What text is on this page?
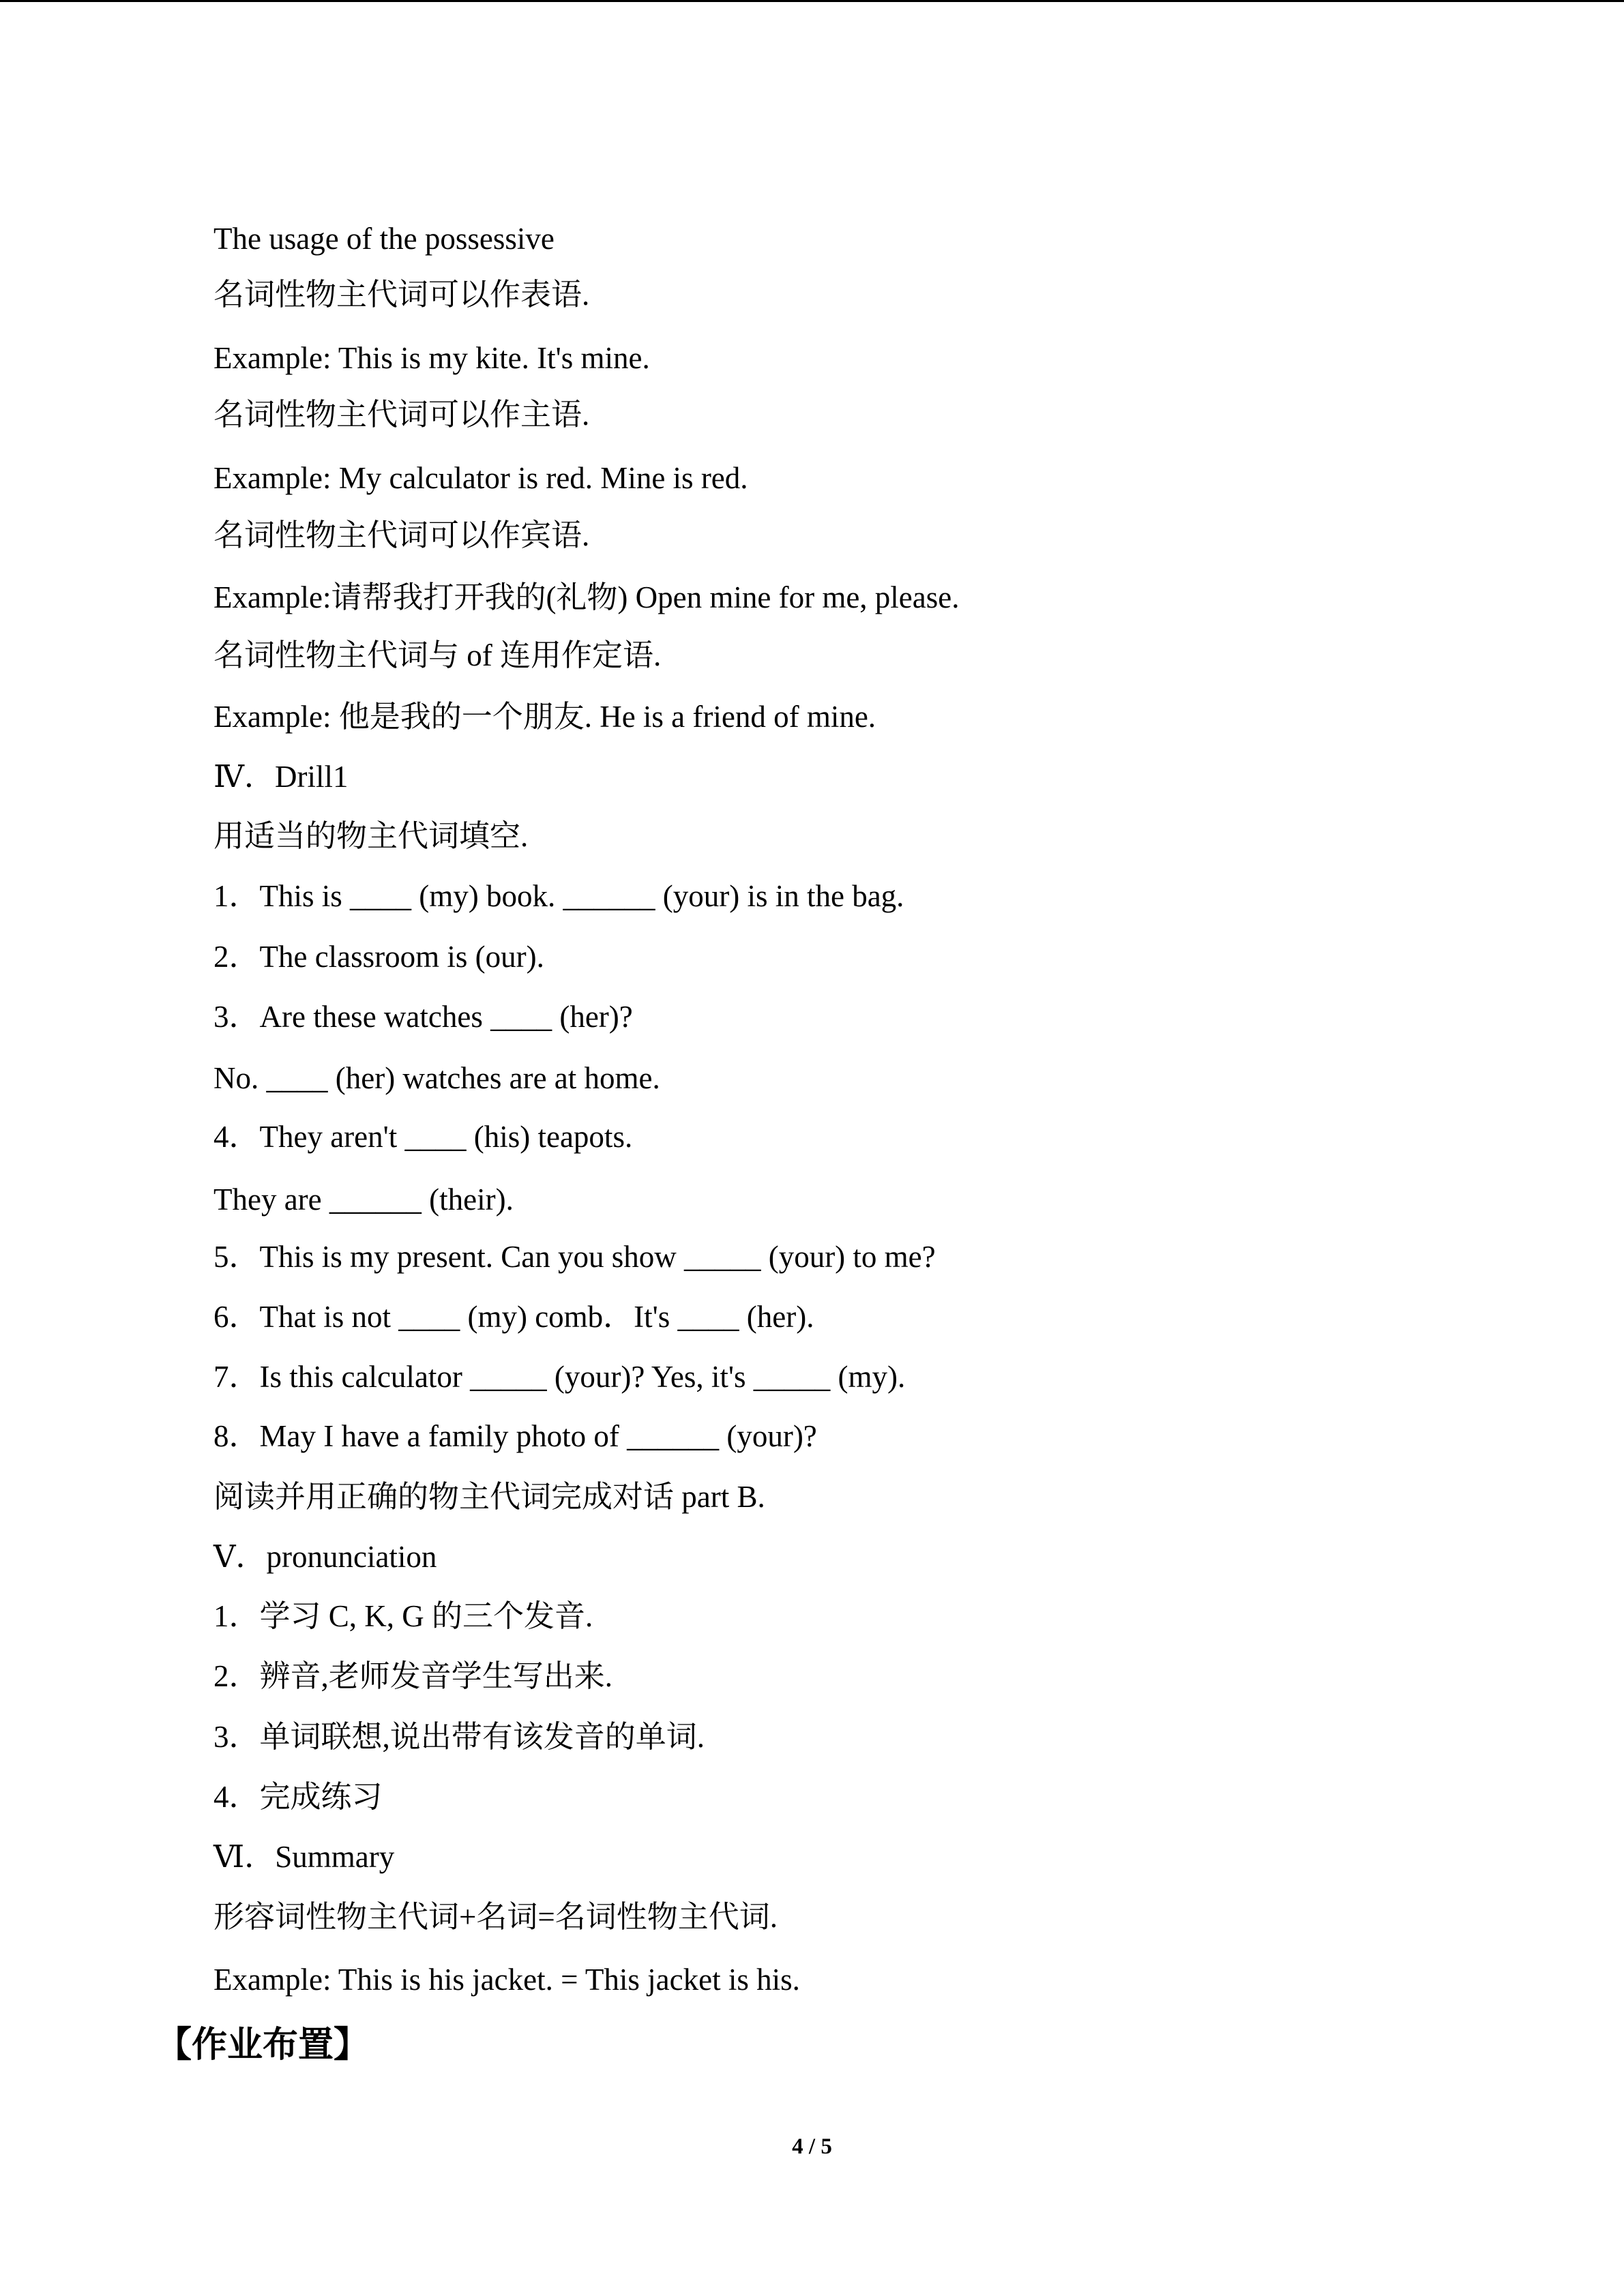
The usage of the possessive
名词性物主代词可以作表语.
Example: This is my kite. It's mine.
名词性物主代词可以作主语.
Example: My calculator is red. Mine is red.
名词性物主代词可以作宾语.
Example:请帮我打开我的(礼物) Open mine for me, please.
名词性物主代词与 of 连用作定语.
Example: 他是我的一个朋友. He is a friend of mine.
Ⅳ．Drill1
用适当的物主代词填空.
1．This is ____ (my) book. ______ (your) is in the bag.
2．The classroom is (our).
3．Are these watches ____ (her)?
No. ____ (her) watches are at home.
4．They aren't ____ (his) teapots.
They are ______ (their).
5．This is my present. Can you show _____ (your) to me?
6．That is not ____ (my) comb．It's ____ (her).
7．Is this calculator _____ (your)? Yes, it's _____ (my).
8．May I have a family photo of ______ (your)?
阅读并用正确的物主代词完成对话 part B.
Ⅴ．pronunciation
1．学习 C, K, G 的三个发音.
2．辨音,老师发音学生写出来.
3．单词联想,说出带有该发音的单词.
4．完成练习
Ⅵ．Summary
形容词性物主代词+名词=名词性物主代词.
Example: This is his jacket. = This jacket is his.
【作业布置】
4 / 5
